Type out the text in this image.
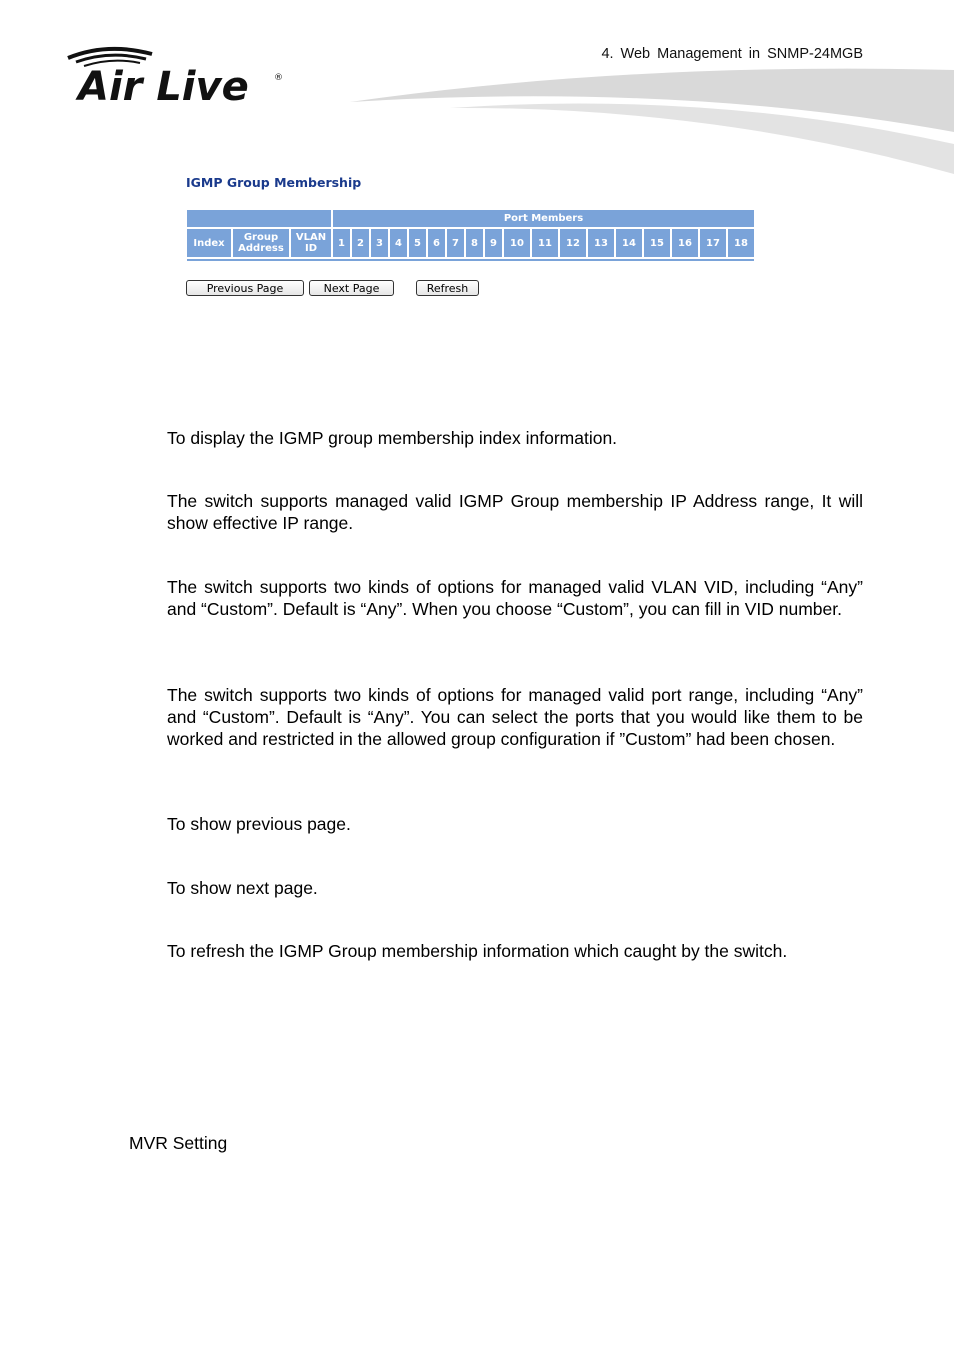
4. Web Management in SNMP-24MGB
Air Live	®
IGMP Group Membership
			Port Members																	
Index	Group Address	VLAN ID	1	2	3	4	5	6	7	8	9	10	11	12	13	14	15	16	17	18

Previous Page	Next Page	Refresh
To display the IGMP group membership index information.
The switch supports managed valid IGMP Group membership IP Address range, It will show effective IP range.
The switch supports two kinds of options for managed valid VLAN VID, including “Any” and “Custom”. Default is “Any”. When you choose “Custom”, you can fill in VID number.
The switch supports two kinds of options for managed valid port range, including “Any” and “Custom”. Default is “Any”. You can select the ports that you would like them to be worked and restricted in the allowed group configuration if ”Custom” had been chosen.
To show previous page.
To show next page.
To refresh the IGMP Group membership information which caught by the switch.
MVR Setting
